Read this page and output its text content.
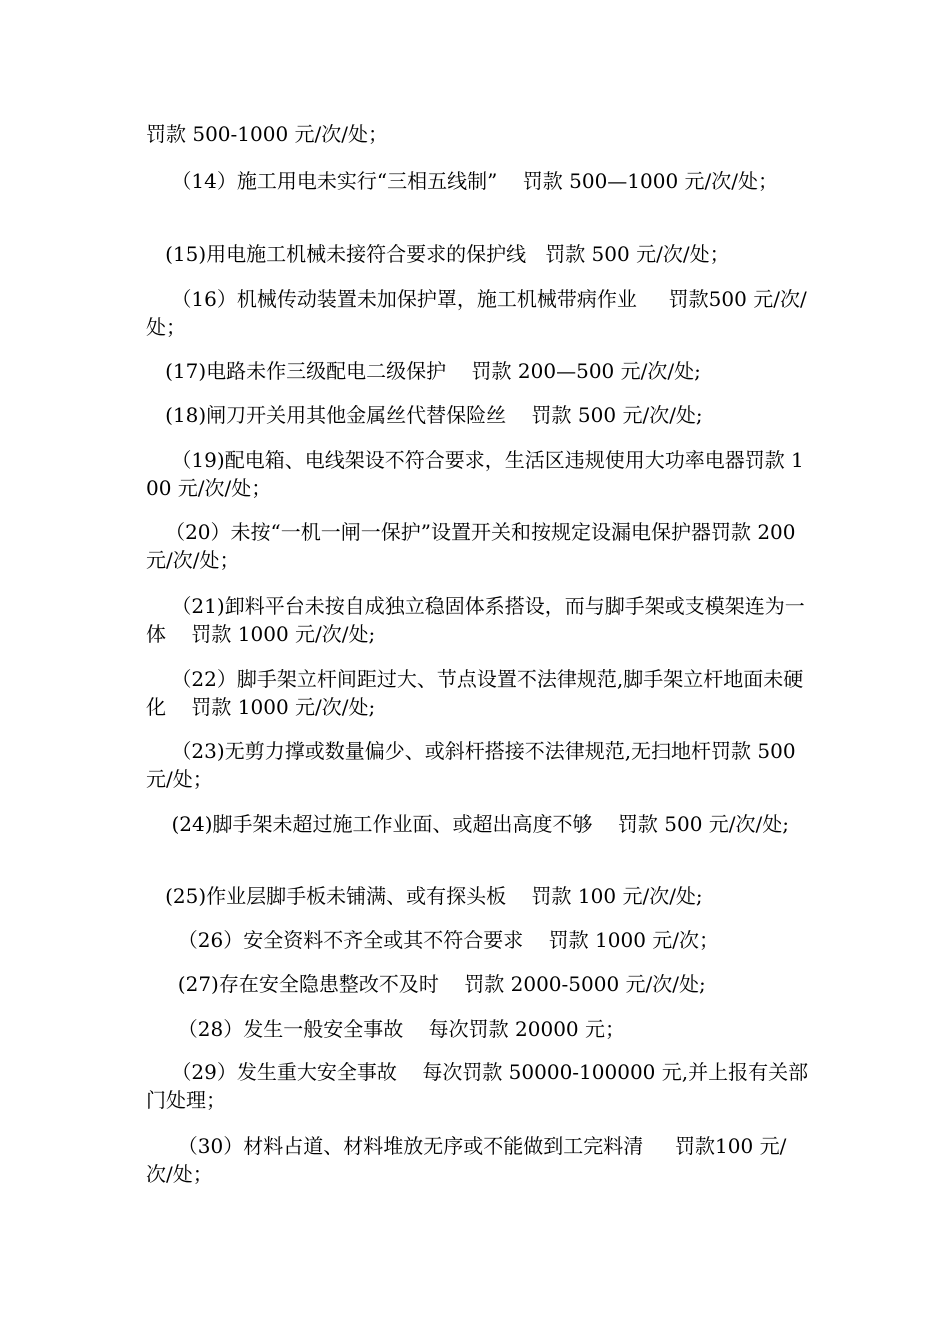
罚款 500-1000 元/次/处；

（14）施工用电未实行“三相五线制”    罚款 500—1000 元/次/处；

(15)用电施工机械未接符合要求的保护线   罚款 500 元/次/处；

（16）机械传动装置未加保护罩，施工机械带病作业     罚款500 元/次/处；

(17)电路未作三级配电二级保护    罚款 200—500 元/次/处;

(18)闸刀开关用其他金属丝代替保险丝    罚款 500 元/次/处;

（19)配电箱、电线架设不符合要求，生活区违规使用大功率电器罚款 100 元/次/处；

（20）未按“一机一闸一保护”设置开关和按规定设漏电保护器罚款 200 元/次/处；

（21)卸料平台未按自成独立稳固体系搭设，而与脚手架或支模架连为一体    罚款 1000 元/次/处;

（22）脚手架立杆间距过大、节点设置不法律规范,脚手架立杆地面未硬化    罚款 1000 元/次/处;

（23)无剪力撑或数量偏少、或斜杆搭接不法律规范,无扫地杆罚款 500 元/处；

(24)脚手架未超过施工作业面、或超出高度不够    罚款 500 元/次/处;

(25)作业层脚手板未铺满、或有探头板    罚款 100 元/次/处;

（26）安全资料不齐全或其不符合要求    罚款 1000 元/次；

(27)存在安全隐患整改不及时    罚款 2000-5000 元/次/处;

（28）发生一般安全事故    每次罚款 20000 元；

（29）发生重大安全事故    每次罚款 50000-100000 元,并上报有关部门处理；

（30）材料占道、材料堆放无序或不能做到工完料清     罚款100 元/次/处；
